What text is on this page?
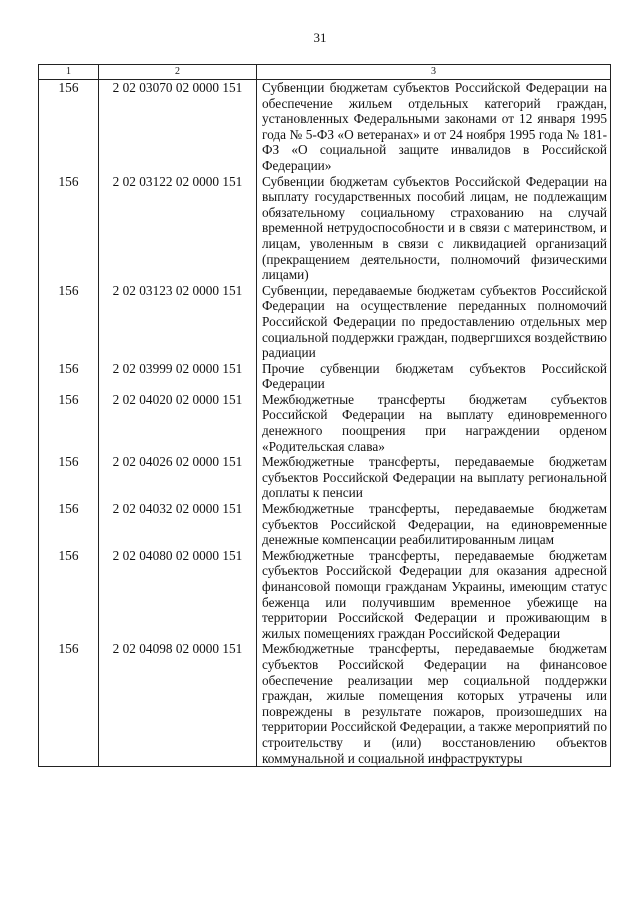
31
1	2	3
156	2 02 03070 02 0000 151	Субвенции бюджетам субъектов Российской Федерации на обеспечение жильем отдельных категорий граждан, установленных Федеральными законами от 12 января 1995 года № 5-ФЗ «О ветеранах» и от 24 ноября 1995 года № 181-ФЗ «О социальной защите инвалидов в Российской Федерации»
156	2 02 03122 02 0000 151	Субвенции бюджетам субъектов Российской Федерации на выплату государственных пособий лицам, не подлежащим обязательному социальному страхованию на случай временной нетрудоспособности и в связи с материнством, и лицам, уволенным в связи с ликвидацией организаций (прекращением деятельности, полномочий физическими лицами)
156	2 02 03123 02 0000 151	Субвенции, передаваемые бюджетам субъектов Российской Федерации на осуществление переданных полномочий Российской Федерации по предоставлению отдельных мер социальной поддержки граждан, подвергшихся воздействию радиации
156	2 02 03999 02 0000 151	Прочие субвенции бюджетам субъектов Российской Федерации
156	2 02 04020 02 0000 151	Межбюджетные трансферты бюджетам субъектов Российской Федерации на выплату единовременного денежного поощрения при награждении орденом «Родительская слава»
156	2 02 04026 02 0000 151	Межбюджетные трансферты, передаваемые бюджетам субъектов Российской Федерации на выплату региональной доплаты к пенсии
156	2 02 04032 02 0000 151	Межбюджетные трансферты, передаваемые бюджетам субъектов Российской Федерации, на единовременные денежные компенсации реабилитированным лицам
156	2 02 04080 02 0000 151	Межбюджетные трансферты, передаваемые бюджетам субъектов Российской Федерации для оказания адресной финансовой помощи гражданам Украины, имеющим статус беженца или получившим временное убежище на территории Российской Федерации и проживающим в жилых помещениях граждан Российской Федерации
156	2 02 04098 02 0000 151	Межбюджетные трансферты, передаваемые бюджетам субъектов Российской Федерации на финансовое обеспечение реализации мер социальной поддержки граждан, жилые помещения которых утрачены или повреждены в результате пожаров, произошедших на территории Российской Федерации, а также мероприятий по строительству и (или) восстановлению объектов коммунальной и социальной инфраструктуры
